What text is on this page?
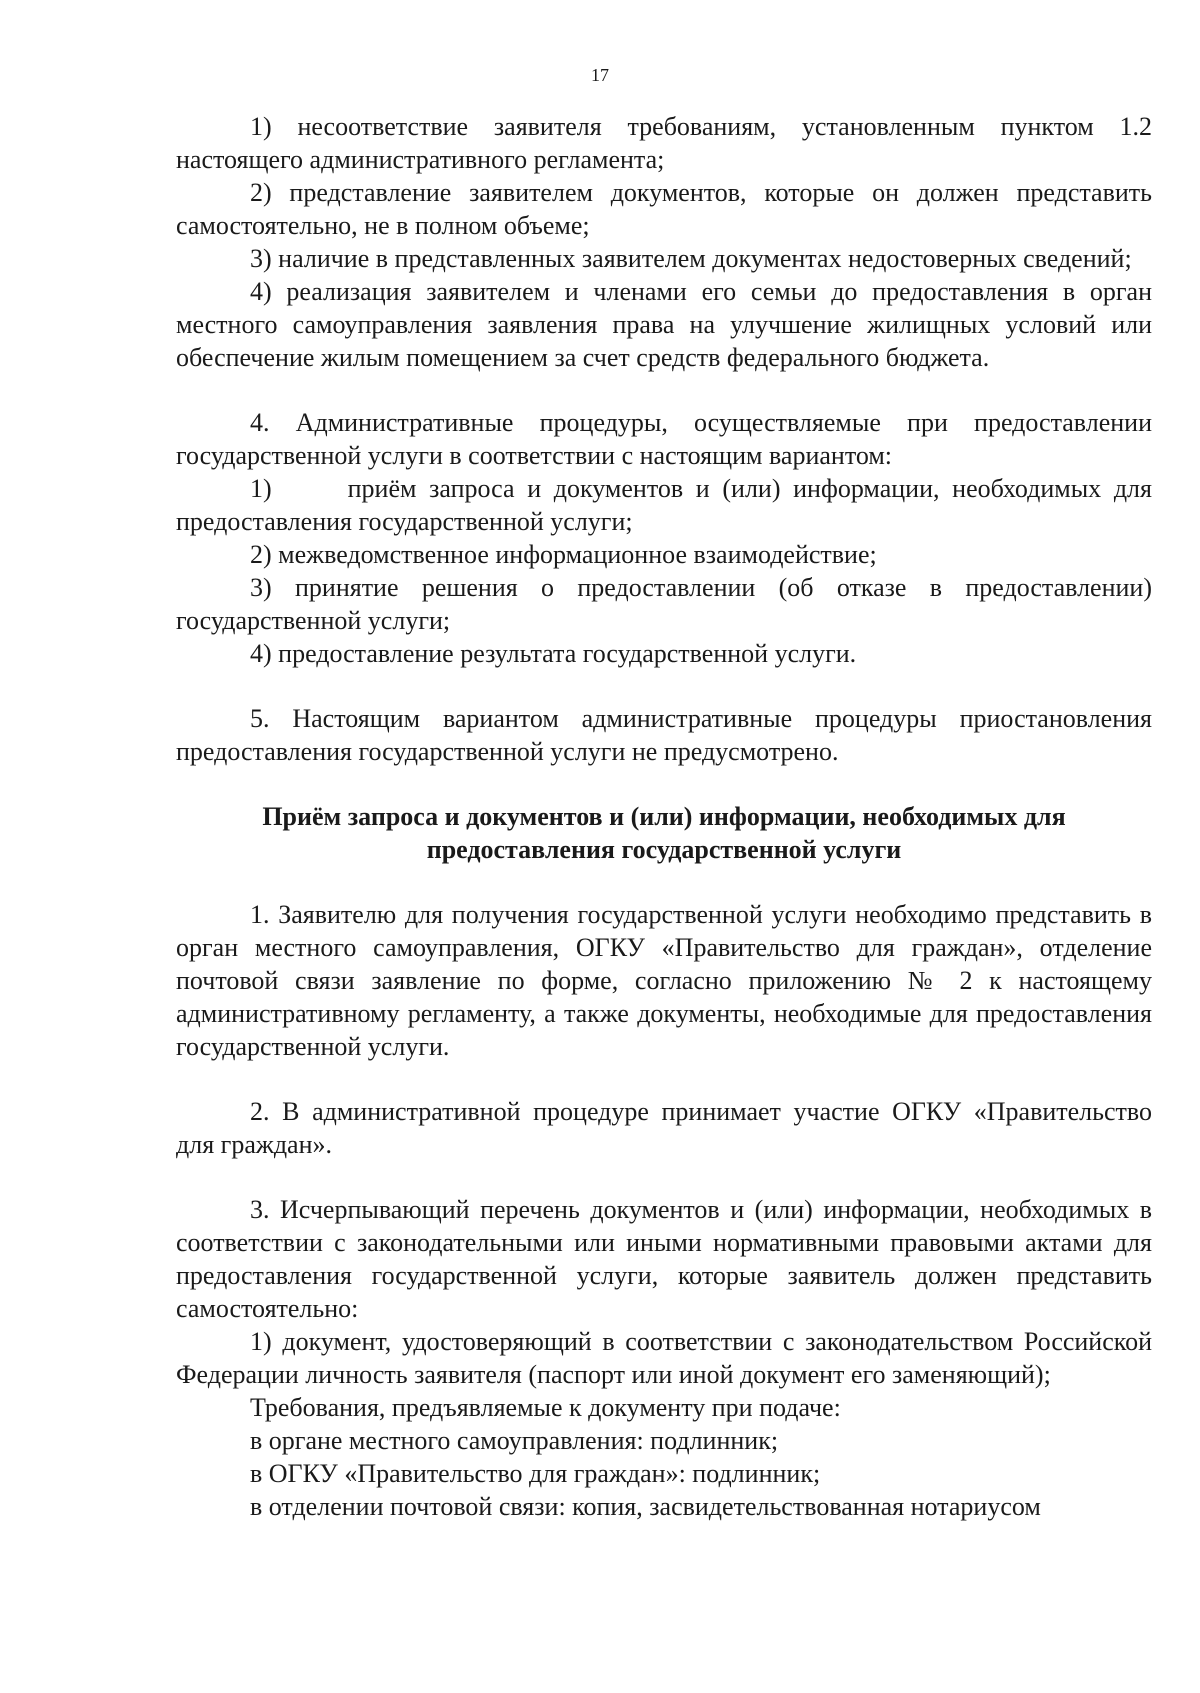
17

1) несоответствие заявителя требованиям, установленным пунктом 1.2 настоящего административного регламента;

2) представление заявителем документов, которые он должен представить самостоятельно, не в полном объеме;

3) наличие в представленных заявителем документах недостоверных сведений;

4) реализация заявителем и членами его семьи до предоставления в орган местного самоуправления заявления права на улучшение жилищных условий или обеспечение жилым помещением за счет средств федерального бюджета.

4. Административные процедуры, осуществляемые при предоставлении государственной услуги в соответствии с настоящим вариантом:

1)      приём запроса и документов и (или) информации, необходимых для предоставления государственной услуги;

2) межведомственное информационное взаимодействие;

3) принятие решения о предоставлении (об отказе в предоставлении) государственной услуги;

4) предоставление результата государственной услуги.

5. Настоящим вариантом административные процедуры приостановления предоставления государственной услуги не предусмотрено.

Приём запроса и документов и (или) информации, необходимых для предоставления государственной услуги

1. Заявителю для получения государственной услуги необходимо представить в орган местного самоуправления, ОГКУ «Правительство для граждан», отделение почтовой связи заявление по форме, согласно приложению № 2 к настоящему административному регламенту, а также документы, необходимые для предоставления государственной услуги.

2. В административной процедуре принимает участие ОГКУ «Правительство для граждан».

3. Исчерпывающий перечень документов и (или) информации, необходимых в соответствии с законодательными или иными нормативными правовыми актами для предоставления государственной услуги, которые заявитель должен представить самостоятельно:

1) документ, удостоверяющий в соответствии с законодательством Российской Федерации личность заявителя (паспорт или иной документ его заменяющий);

Требования, предъявляемые к документу при подаче:

в органе местного самоуправления: подлинник;

в ОГКУ «Правительство для граждан»: подлинник;

в отделении почтовой связи: копия, засвидетельствованная нотариусом
